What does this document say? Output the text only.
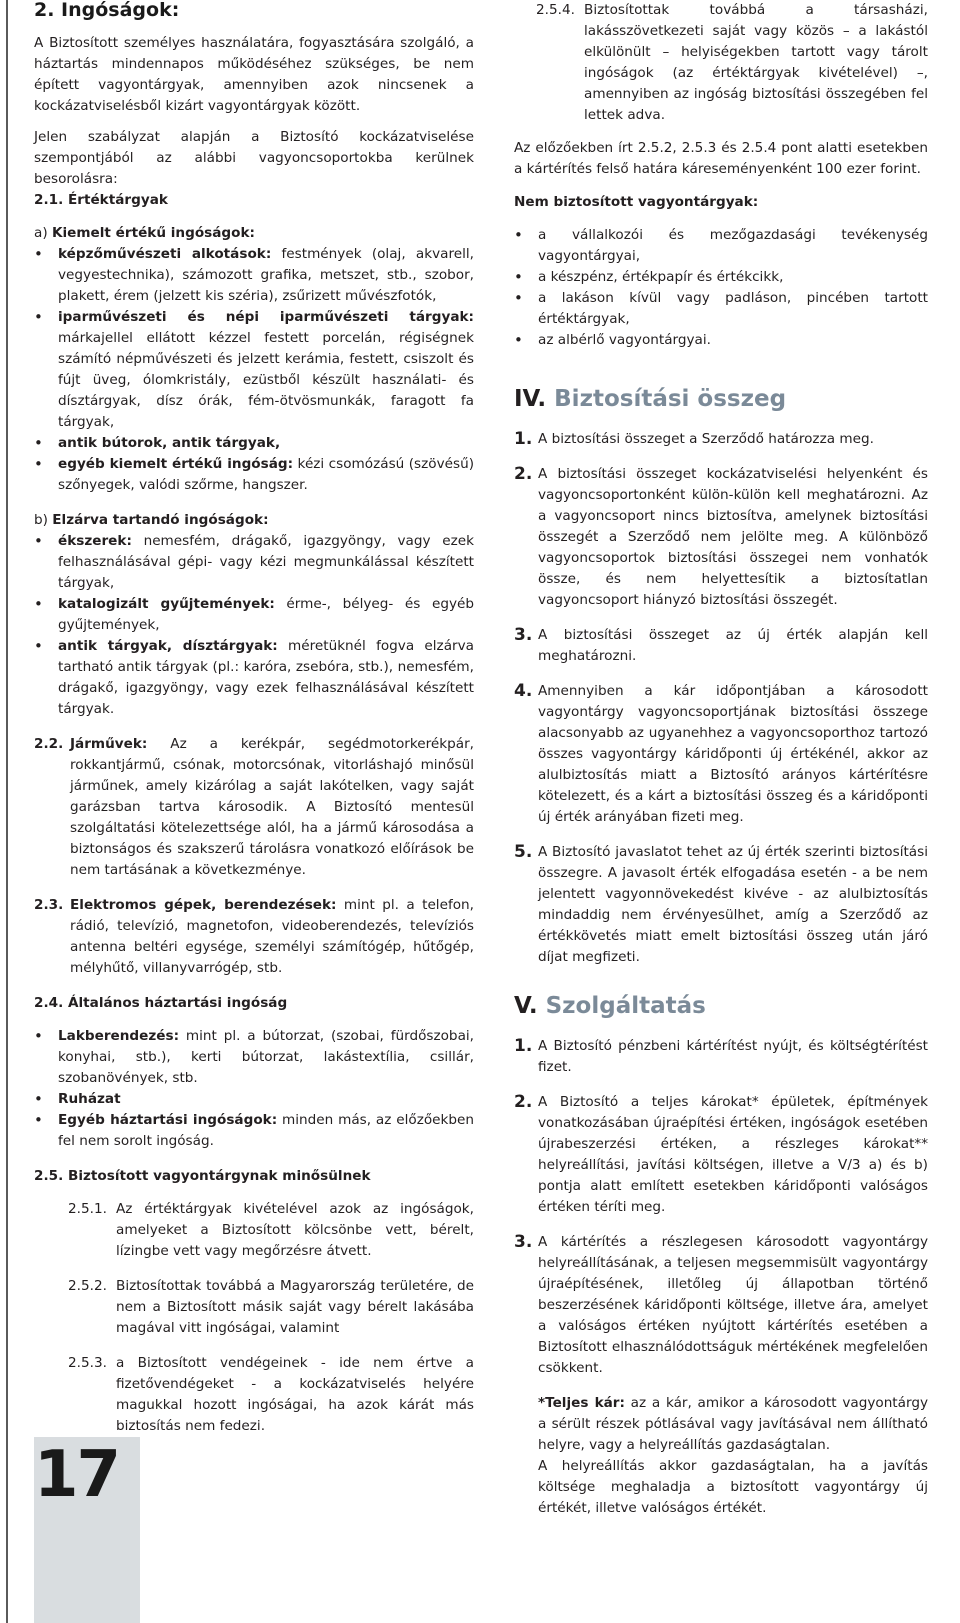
2. Ingóságok:

A Biztosított személyes használatára, fogyasztására szolgáló, a háztartás mindennapos működéséhez szükséges, be nem épített vagyontárgyak, amennyiben azok nincsenek a kockázatviselésből kizárt vagyontárgyak között.

Jelen szabályzat alapján a Biztosító kockázatviselése szempontjából az alábbi vagyoncsoportokba kerülnek besorolásra:

2.1. Értéktárgyak

a) Kiemelt értékű ingóságok:

• képzőművészeti alkotások: festmények (olaj, akvarell, vegyestechnika), számozott grafika, metszet, stb., szobor, plakett, érem (jelzett kis széria), zsűrizett művészfotók,
• iparművészeti és népi iparművészeti tárgyak: márkajellel ellátott kézzel festett porcelán, régiségnek számító népművészeti és jelzett kerámia, festett, csiszolt és fújt üveg, ólomkristály, ezüstből készült használati- és dísztárgyak, dísz órák, fém-ötvösmunkák, faragott fa tárgyak,
• antik bútorok, antik tárgyak,
• egyéb kiemelt értékű ingóság: kézi csomózású (szövésű) szőnyegek, valódi szőrme, hangszer.

b) Elzárva tartandó ingóságok:

• ékszerek: nemesfém, drágakő, igazgyöngy, vagy ezek felhasználásával gépi- vagy kézi megmunkálással készített tárgyak,
• katalogizált gyűjtemények: érme-, bélyeg- és egyéb gyűjtemények,
• antik tárgyak, dísztárgyak: méretüknél fogva elzárva tartható antik tárgyak (pl.: karóra, zsebóra, stb.), nemesfém, drágakő, igazgyöngy, vagy ezek felhasználásával készített tárgyak.
2.2. Járművek: Az a kerékpár, segédmotorkerékpár, rokkantjármű, csónak, motorcsónak, vitorláshajó minősül járműnek, amely kizárólag a saját lakótelken, vagy saját garázsban tartva károsodik. A Biztosító mentesül szolgáltatási kötelezettsége alól, ha a jármű károsodása a biztonságos és szakszerű tárolásra vonatkozó előírások be nem tartásának a következménye.
2.3. Elektromos gépek, berendezések: mint pl. a telefon, rádió, televízió, magnetofon, videoberendezés, televíziós antenna beltéri egysége, személyi számítógép, hűtőgép, mélyhűtő, villanyvarrógép, stb.

2.4. Általános háztartási ingóság

• Lakberendezés: mint pl. a bútorzat, (szobai, fürdőszobai, konyhai, stb.), kerti bútorzat, lakástextília, csillár, szobanövények, stb.
• Ruházat
• Egyéb háztartási ingóságok: minden más, az előzőekben fel nem sorolt ingóság.

2.5. Biztosított vagyontárgynak minősülnek

2.5.1. Az értéktárgyak kivételével azok az ingóságok, amelyeket a Biztosított kölcsönbe vett, bérelt, lízingbe vett vagy megőrzésre átvett.
2.5.2. Biztosítottak továbbá a Magyarország területére, de nem a Biztosított másik saját vagy bérelt lakásába magával vitt ingóságai, valamint
2.5.3. a Biztosított vendégeinek - ide nem értve a fizetővendégeket - a kockázatviselés helyére magukkal hozott ingóságai, ha azok kárát más biztosítás nem fedezi.
2.5.4. Biztosítottak továbbá a társasházi, lakásszövetkezeti saját vagy közös – a lakástól elkülönült – helyiségekben tartott vagy tárolt ingóságok (az értéktárgyak kivételével) –, amennyiben az ingóság biztosítási összegében fel lettek adva.

Az előzőekben írt 2.5.2, 2.5.3 és 2.5.4 pont alatti esetekben a kártérítés felső határa káreseményenként 100 ezer forint.

Nem biztosított vagyontárgyak:

• a vállalkozói és mezőgazdasági tevékenység vagyontárgyai,
• a készpénz, értékpapír és értékcikk,
• a lakáson kívül vagy padláson, pincében tartott értéktárgyak,
• az albérlő vagyontárgyai.
IV. Biztosítási összeg
1. A biztosítási összeget a Szerződő határozza meg.
2. A biztosítási összeget kockázatviselési helyenként és vagyoncsoportonként külön-külön kell meghatározni. Az a vagyoncsoport nincs biztosítva, amelynek biztosítási összegét a Szerződő nem jelölte meg. A különböző vagyoncsoportok biztosítási összegei nem vonhatók össze, és nem helyettesítik a biztosítatlan vagyoncsoport hiányzó biztosítási összegét.
3. A biztosítási összeget az új érték alapján kell meghatározni.
4. Amennyiben a kár időpontjában a károsodott vagyontárgy vagyoncsoportjának biztosítási összege alacsonyabb az ugyanehhez a vagyoncsoporthoz tartozó összes vagyontárgy káridőponti új értékénél, akkor az alulbiztosítás miatt a Biztosító arányos kártérítésre kötelezett, és a kárt a biztosítási összeg és a káridőponti új érték arányában fizeti meg.
5. A Biztosító javaslatot tehet az új érték szerinti biztosítási összegre. A javasolt érték elfogadása esetén - a be nem jelentett vagyonnövekedést kivéve - az alulbiztosítás mindaddig nem érvényesülhet, amíg a Szerződő az értékkövetés miatt emelt biztosítási összeg után járó díjat megfizeti.
V. Szolgáltatás
1. A Biztosító pénzbeni kártérítést nyújt, és költségtérítést fizet.
2. A Biztosító a teljes károkat* épületek, építmények vonatkozásában újraépítési értéken, ingóságok esetében újrabeszerzési értéken, a részleges károkat** helyreállítási, javítási költségen, illetve a V/3 a) és b) pontja alatt említett esetekben káridőponti valóságos értéken téríti meg.
3. A kártérítés a részlegesen károsodott vagyontárgy helyreállításának, a teljesen megsemmisült vagyontárgy újraépítésének, illetőleg új állapotban történő beszerzésének káridőponti költsége, illetve ára, amelyet a valóságos értéken nyújtott kártérítés esetében a Biztosított elhasználódottságuk mértékének megfelelően csökkent.

*Teljes kár: az a kár, amikor a károsodott vagyontárgy a sérült részek pótlásával vagy javításával nem állítható helyre, vagy a helyreállítás gazdaságtalan.

A helyreállítás akkor gazdaságtalan, ha a javítás költsége meghaladja a biztosított vagyontárgy új értékét, illetve valóságos értékét.

17
